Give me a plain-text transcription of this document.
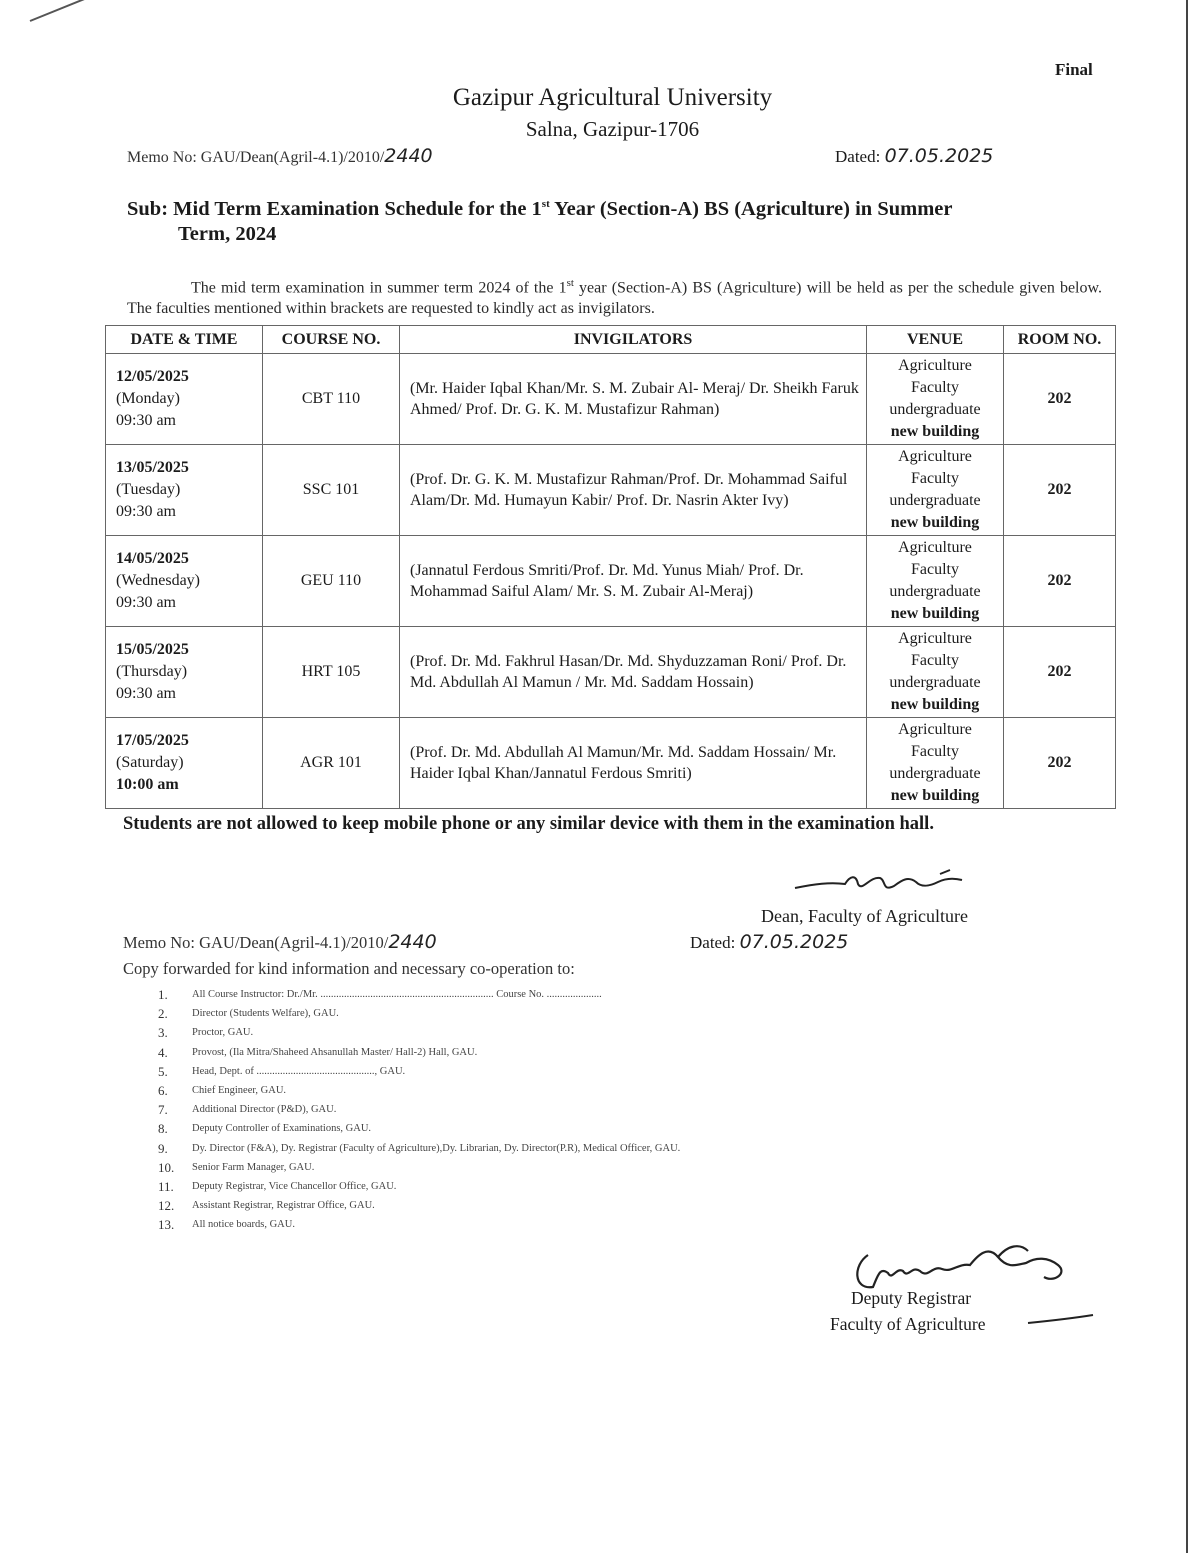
Final
Gazipur Agricultural University
Salna, Gazipur-1706
Memo No: GAU/Dean(Agril-4.1)/2010/2440	Dated: 07.05.2025
Sub: Mid Term Examination Schedule for the 1st Year (Section-A) BS (Agriculture) in Summer
Term, 2024
The mid term examination in summer term 2024 of the 1st year (Section-A) BS (Agriculture) will be held as per the schedule given below. The faculties mentioned within brackets are requested to kindly act as invigilators.
DATE & TIME	COURSE NO.	INVIGILATORS	VENUE	ROOM NO.

12/05/2025
(Monday)
09:30 am	CBT 110	(Mr. Haider Iqbal Khan/Mr. S. M. Zubair Al- Meraj/ Dr. Sheikh Faruk Ahmed/ Prof. Dr. G. K. M. Mustafizur Rahman)	Agriculture
Faculty
undergraduate
new building	202

13/05/2025
(Tuesday)
09:30 am	SSC 101	(Prof. Dr. G. K. M. Mustafizur Rahman/Prof. Dr. Mohammad Saiful Alam/Dr. Md. Humayun Kabir/ Prof. Dr. Nasrin Akter Ivy)	Agriculture
Faculty
undergraduate
new building	202

14/05/2025
(Wednesday)
09:30 am	GEU 110	(Jannatul Ferdous Smriti/Prof. Dr. Md. Yunus Miah/ Prof. Dr. Mohammad Saiful Alam/ Mr. S. M. Zubair Al-Meraj)	Agriculture
Faculty
undergraduate
new building	202

15/05/2025
(Thursday)
09:30 am	HRT 105	(Prof. Dr. Md. Fakhrul Hasan/Dr. Md. Shyduzzaman Roni/ Prof. Dr. Md. Abdullah Al Mamun / Mr. Md. Saddam Hossain)	Agriculture
Faculty
undergraduate
new building	202

17/05/2025
(Saturday)
10:00 am	AGR 101	(Prof. Dr. Md. Abdullah Al Mamun/Mr. Md. Saddam Hossain/ Mr. Haider Iqbal Khan/Jannatul Ferdous Smriti)	Agriculture
Faculty
undergraduate
new building	202
Students are not allowed to keep mobile phone or any similar device with them in the examination hall.
Dean, Faculty of Agriculture
Memo No: GAU/Dean(Agril-4.1)/2010/2440	Dated: 07.05.2025
Copy forwarded for kind information and necessary co-operation to:
1. All Course Instructor: Dr./Mr. .................................................................. Course No. .....................
2. Director (Students Welfare), GAU.
3. Proctor, GAU.
4. Provost, (Ila Mitra/Shaheed Ahsanullah Master/ Hall-2) Hall, GAU.
5. Head, Dept. of ............................................., GAU.
6. Chief Engineer, GAU.
7. Additional Director (P&D), GAU.
8. Deputy Controller of Examinations, GAU.
9. Dy. Director (F&A), Dy. Registrar (Faculty of Agriculture),Dy. Librarian, Dy. Director(P.R), Medical Officer, GAU.
10. Senior Farm Manager, GAU.
11. Deputy Registrar, Vice Chancellor Office, GAU.
12. Assistant Registrar, Registrar Office, GAU.
13. All notice boards, GAU.
Deputy Registrar
Faculty of Agriculture
